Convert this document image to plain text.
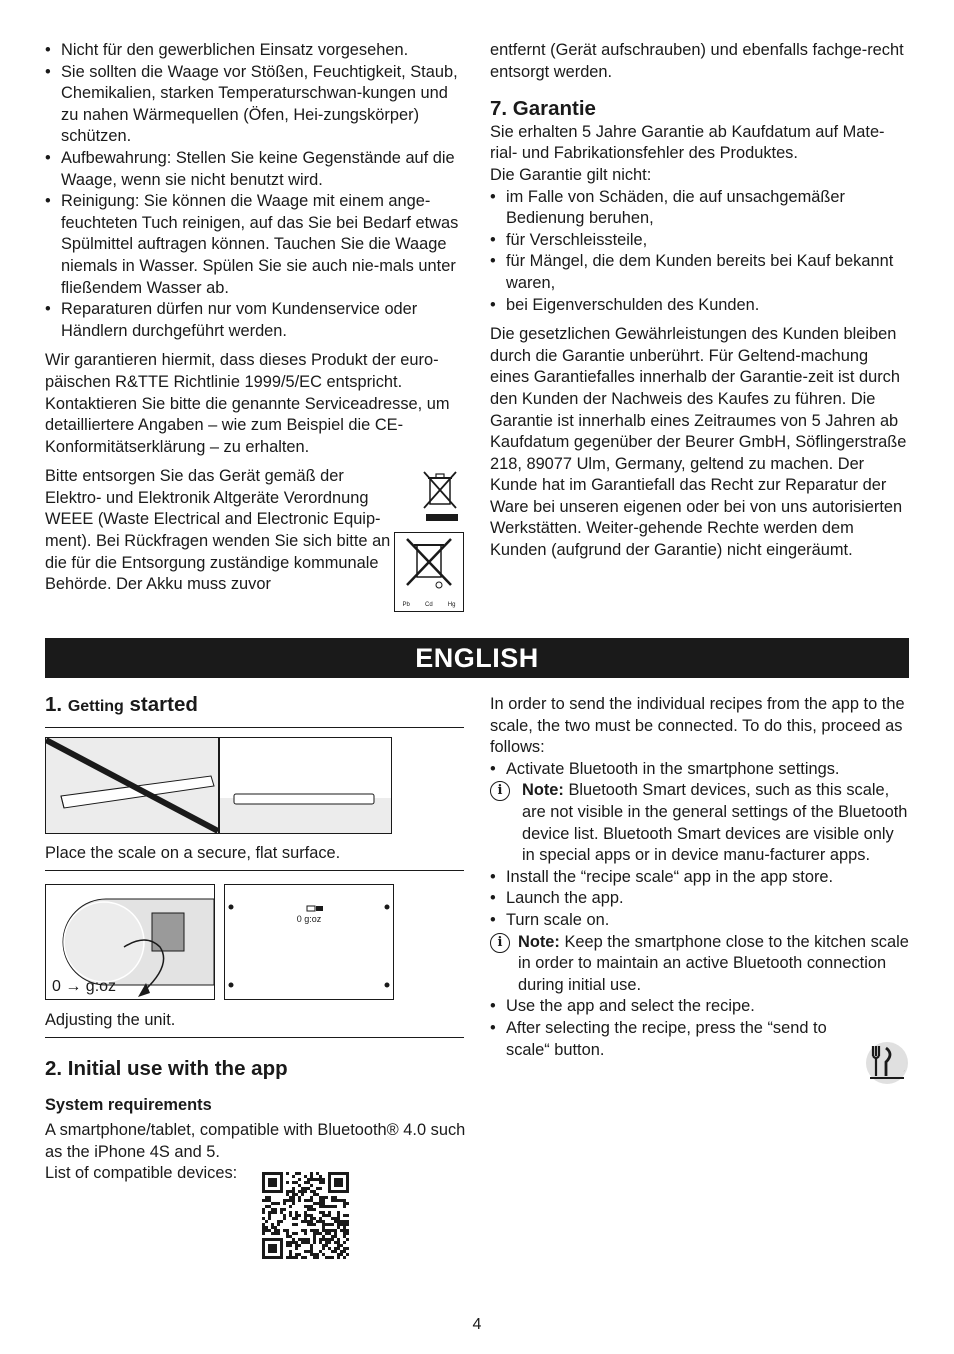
• Nicht für den gewerblichen Einsatz vorgesehen.
• Sie sollten die Waage vor Stößen, Feuchtigkeit, Staub, Chemikalien, starken Temperaturschwan-kungen und zu nahen Wärmequellen (Öfen, Hei-zungskörper) schützen.
• Aufbewahrung: Stellen Sie keine Gegenstände auf die Waage, wenn sie nicht benutzt wird.
• Reinigung: Sie können die Waage mit einem ange-feuchteten Tuch reinigen, auf das Sie bei Bedarf etwas Spülmittel auftragen können. Tauchen Sie die Waage niemals in Wasser. Spülen Sie sie auch nie-mals unter fließendem Wasser ab.
• Reparaturen dürfen nur vom Kundenservice oder Händlern durchgeführt werden.

Wir garantieren hiermit, dass dieses Produkt der euro-päischen R&TTE Richtlinie 1999/5/EC entspricht. Kontaktieren Sie bitte die genannte Serviceadresse, um detailliertere Angaben – wie zum Beispiel die CE-Konformitätserklärung – zu erhalten.

Bitte entsorgen Sie das Gerät gemäß der Elektro- und Elektronik Altgeräte Verordnung WEEE (Waste Electrical and Electronic Equip-ment). Bei Rückfragen wenden Sie sich bitte an die für die Entsorgung zuständige kommunale Behörde. Der Akku muss zuvor

Pb	Cd	Hg

entfernt (Gerät aufschrauben) und ebenfalls fachge-recht entsorgt werden.

7. Garantie

Sie erhalten 5 Jahre Garantie ab Kaufdatum auf Mate-rial- und Fabrikationsfehler des Produktes.

Die Garantie gilt nicht:

• im Falle von Schäden, die auf unsachgemäßer Bedienung beruhen,
• für Verschleissteile,
• für Mängel, die dem Kunden bereits bei Kauf bekannt waren,
• bei Eigenverschulden des Kunden.

Die gesetzlichen Gewährleistungen des Kunden bleiben durch die Garantie unberührt. Für Geltend-machung eines Garantiefalles innerhalb der Garantie-zeit ist durch den Kunden der Nachweis des Kaufes zu führen. Die Garantie ist innerhalb eines Zeitraumes von 5 Jahren ab Kaufdatum gegenüber der Beurer GmbH, Söflingerstraße 218, 89077 Ulm, Germany, geltend zu machen. Der Kunde hat im Garantiefall das Recht zur Reparatur der Ware bei unseren eigenen oder bei von uns autorisierten Werkstätten. Weiter-gehende Rechte werden dem Kunden (aufgrund der Garantie) nicht eingeräumt.

ENGLISH
1. Getting started
Place the scale on a secure, flat surface.
0 → g:oz
0 g:oz
Adjusting the unit.
2. Initial use with the app
System requirements
A smartphone/tablet, compatible with Bluetooth® 4.0 such as the iPhone 4S and 5.
List of compatible devices:

In order to send the individual recipes from the app to the scale, the two must be connected. To do this, proceed as follows:

• Activate Bluetooth in the smartphone settings.
i	Note: Bluetooth Smart devices, such as this scale, are not visible in the general settings of the Bluetooth device list. Bluetooth Smart devices are visible only in special apps or in device manu-facturer apps.
• Install the “recipe scale“ app in the app store.
• Launch the app.
• Turn scale on.
i Note: Keep the smartphone close to the kitchen scale in order to maintain an active Bluetooth connection during initial use.
• Use the app and select the recipe.
• After selecting the recipe, press the “send to scale“ button.
4
